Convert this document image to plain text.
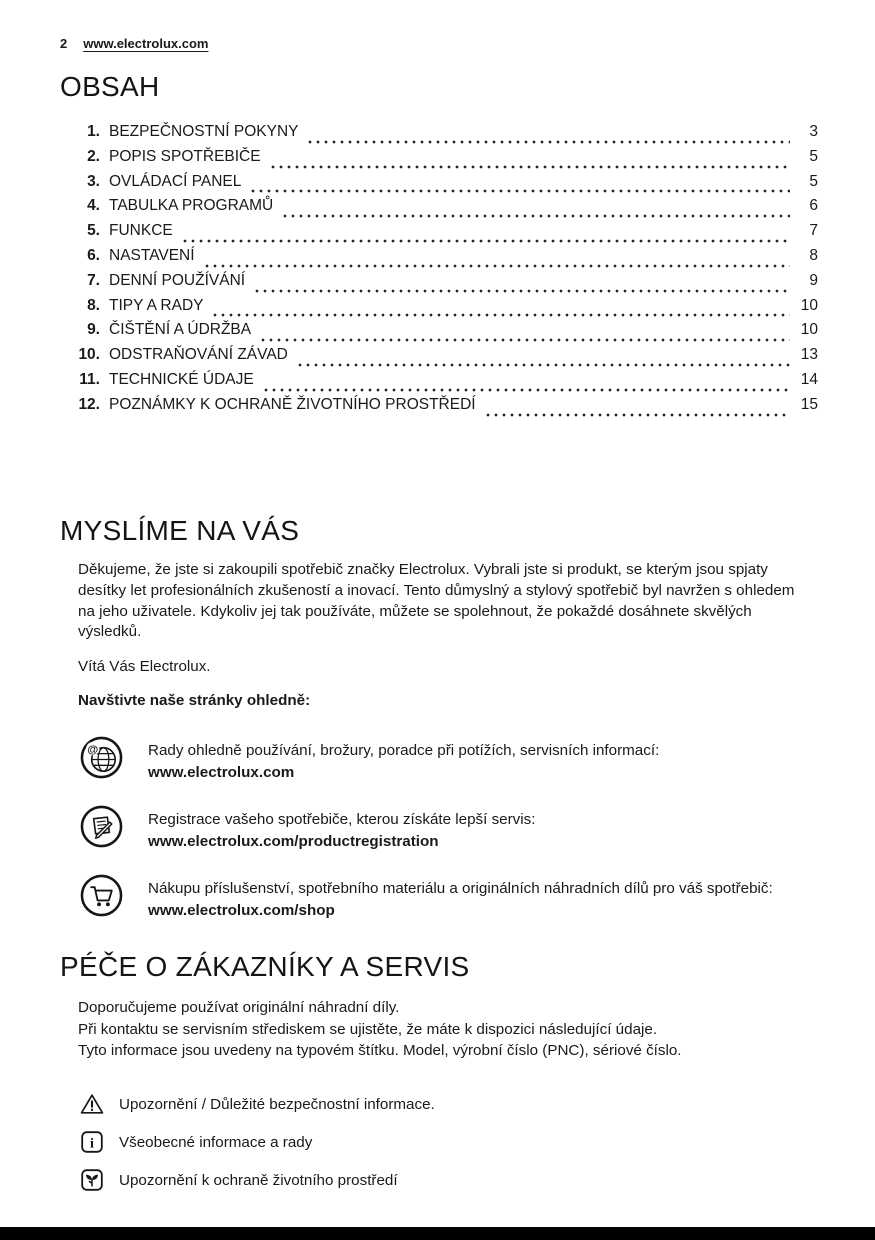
2 www.electrolux.com
OBSAH
1. BEZPEČNOSTNÍ POKYNY	3
2. POPIS SPOTŘEBIČE	5
3. OVLÁDACÍ PANEL	5
4. TABULKA PROGRAMŮ	6
5. FUNKCE	7
6. NASTAVENÍ	8
7. DENNÍ POUŽÍVÁNÍ	9
8. TIPY A RADY	10
9. ČIŠTĚNÍ A ÚDRŽBA	10
10. ODSTRAŇOVÁNÍ ZÁVAD	13
11. TECHNICKÉ ÚDAJE	14
12. POZNÁMKY K OCHRANĚ ŽIVOTNÍHO PROSTŘEDÍ	15
MYSLÍME NA VÁS

Děkujeme, že jste si zakoupili spotřebič značky Electrolux. Vybrali jste si produkt, se kterým jsou spjaty desítky let profesionálních zkušeností a inovací. Tento důmyslný a stylový spotřebič byl navržen s ohledem na jeho uživatele. Kdykoliv jej tak používáte, můžete se spolehnout, že pokaždé dosáhnete skvělých výsledků.

Vítá Vás Electrolux.

Navštivte naše stránky ohledně:

@	Rady ohledně používání, brožury, poradce při potížích, servisních informací:
www.electrolux.com
Registrace vašeho spotřebiče, kterou získáte lepší servis:
www.electrolux.com/productregistration
Nákupu příslušenství, spotřebního materiálu a originálních náhradních dílů pro váš spotřebič:
www.electrolux.com/shop
PÉČE O ZÁKAZNÍKY A SERVIS
Doporučujeme používat originální náhradní díly.
Při kontaktu se servisním střediskem se ujistěte, že máte k dispozici následující údaje.
Tyto informace jsou uvedeny na typovém štítku. Model, výrobní číslo (PNC), sériové číslo.
Upozornění / Důležité bezpečnostní informace.
i Všeobecné informace a rady
Upozornění k ochraně životního prostředí
